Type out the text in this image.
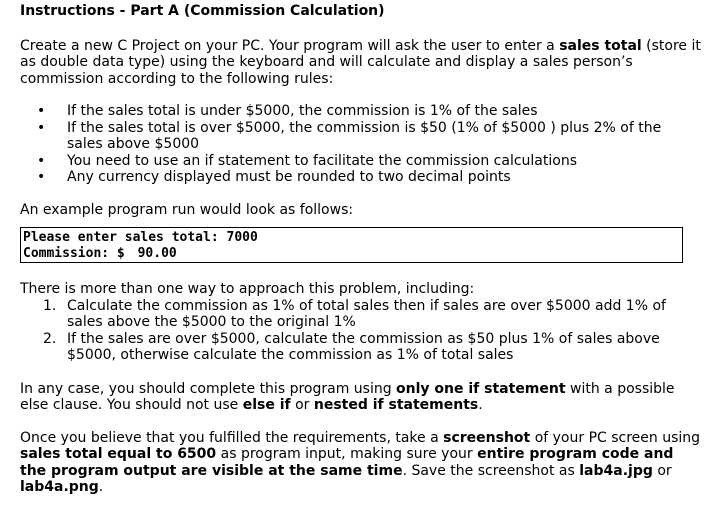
Instructions - Part A (Commission Calculation)

Create a new C Project on your PC. Your program will ask the user to enter a sales total (store it as double data type) using the keyboard and will calculate and display a sales person’s commission according to the following rules:

• If the sales total is under $5000, the commission is 1% of the sales
• If the sales total is over $5000, the commission is $50 (1% of $5000 ) plus 2% of the sales above $5000
• You need to use an if statement to facilitate the commission calculations
• Any currency displayed must be rounded to two decimal points

An example program run would look as follows:

Please enter sales total: 7000
Commission: $ 90.00

There is more than one way to approach this problem, including:

Calculate the commission as 1% of total sales then if sales are over $5000 add 1% of sales above the $5000 to the original 1%
If the sales are over $5000, calculate the commission as $50 plus 1% of sales above $5000, otherwise calculate the commission as 1% of total sales

In any case, you should complete this program using only one if statement with a possible else clause. You should not use else if or nested if statements.

Once you believe that you fulfilled the requirements, take a screenshot of your PC screen using sales total equal to 6500 as program input, making sure your entire program code and the program output are visible at the same time. Save the screenshot as lab4a.jpg or lab4a.png.
